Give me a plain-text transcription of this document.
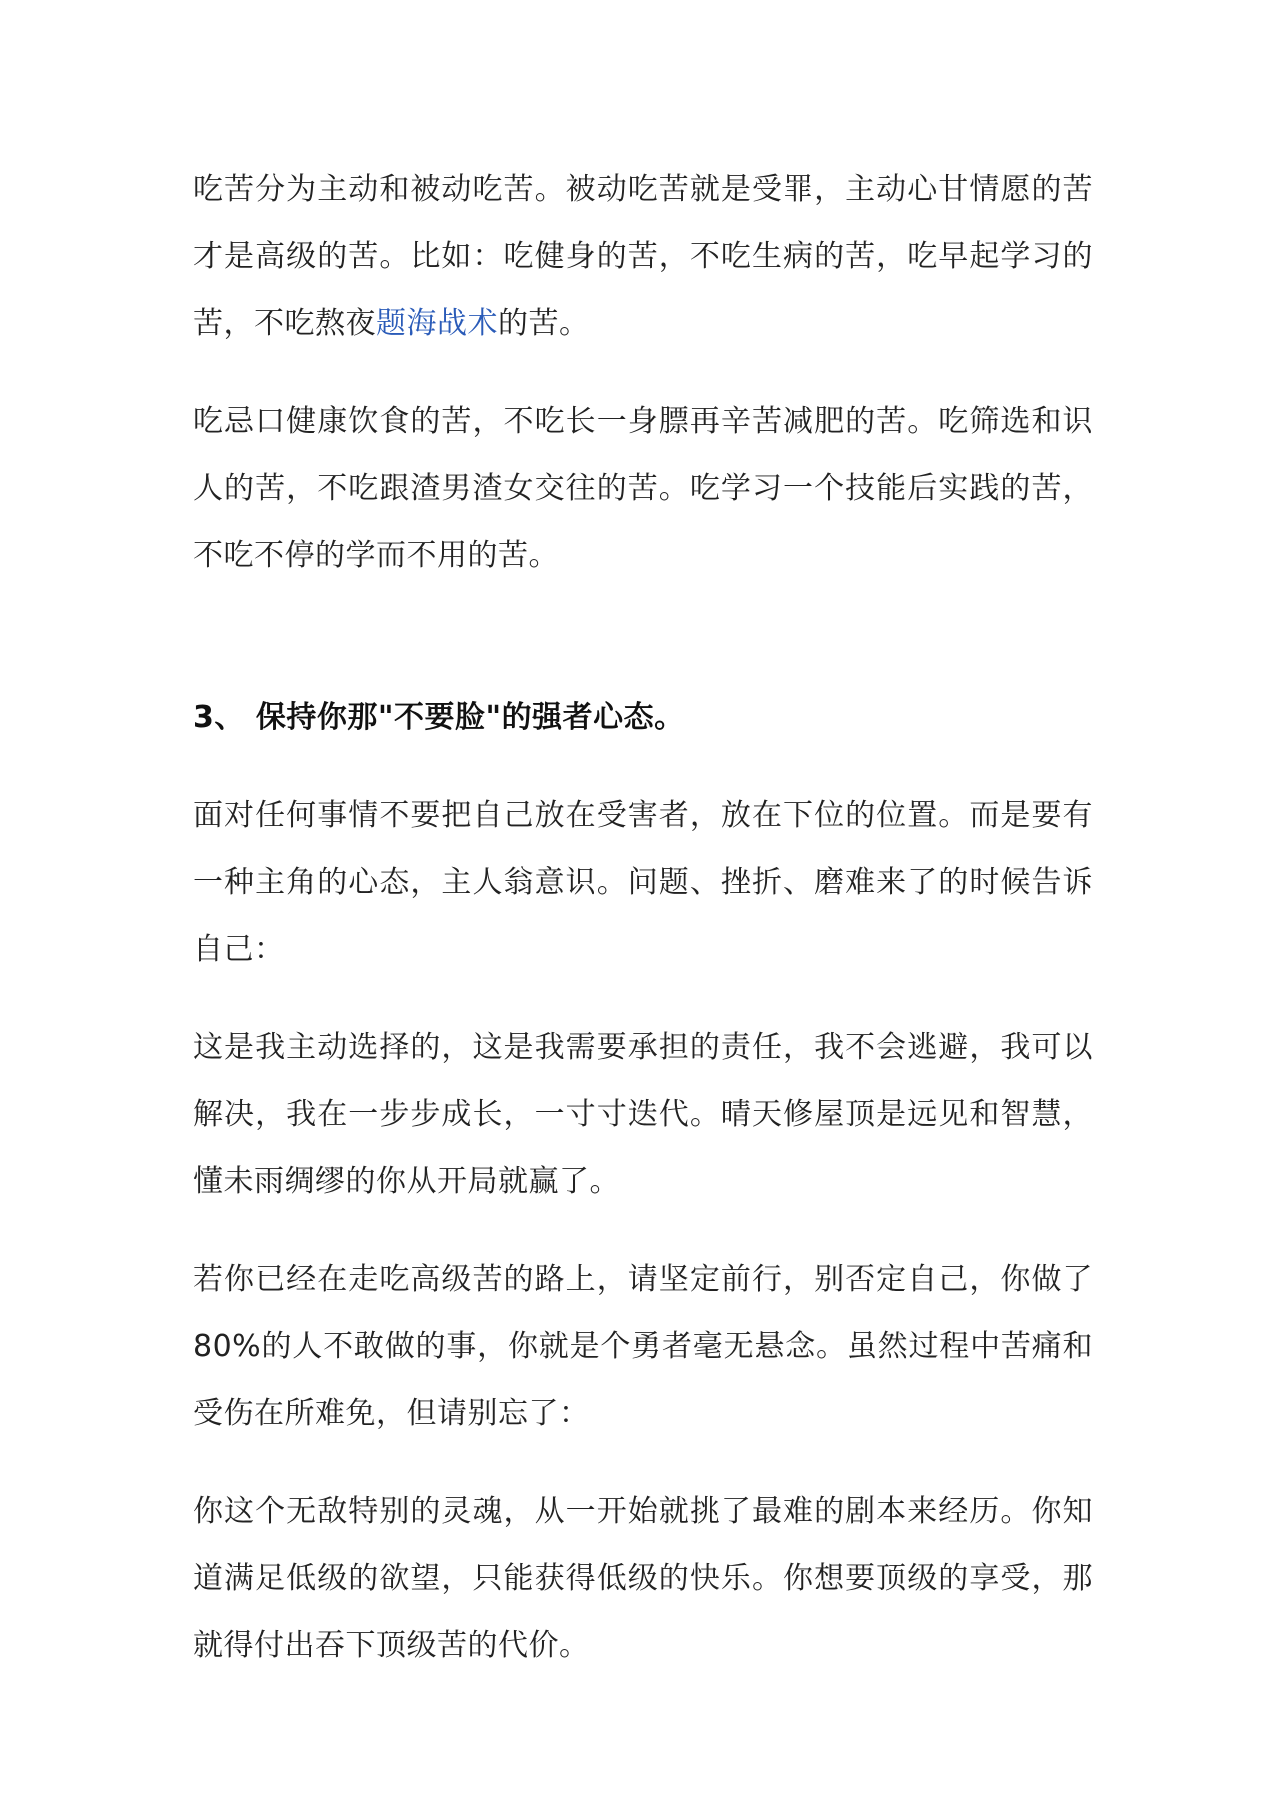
吃苦分为主动和被动吃苦。被动吃苦就是受罪，主动心甘情愿的苦才是高级的苦。比如：吃健身的苦，不吃生病的苦，吃早起学习的苦，不吃熬夜题海战术的苦。

吃忌口健康饮食的苦，不吃长一身膘再辛苦减肥的苦。吃筛选和识人的苦，不吃跟渣男渣女交往的苦。吃学习一个技能后实践的苦，不吃不停的学而不用的苦。

3、 保持你那"不要脸"的强者心态。

面对任何事情不要把自己放在受害者，放在下位的位置。而是要有一种主角的心态，主人翁意识。问题、挫折、磨难来了的时候告诉自己：

这是我主动选择的，这是我需要承担的责任，我不会逃避，我可以解决，我在一步步成长，一寸寸迭代。晴天修屋顶是远见和智慧，懂未雨绸缪的你从开局就赢了。

若你已经在走吃高级苦的路上，请坚定前行，别否定自己，你做了80%的人不敢做的事，你就是个勇者毫无悬念。虽然过程中苦痛和受伤在所难免，但请别忘了：

你这个无敌特别的灵魂，从一开始就挑了最难的剧本来经历。你知道满足低级的欲望，只能获得低级的快乐。你想要顶级的享受，那就得付出吞下顶级苦的代价。
